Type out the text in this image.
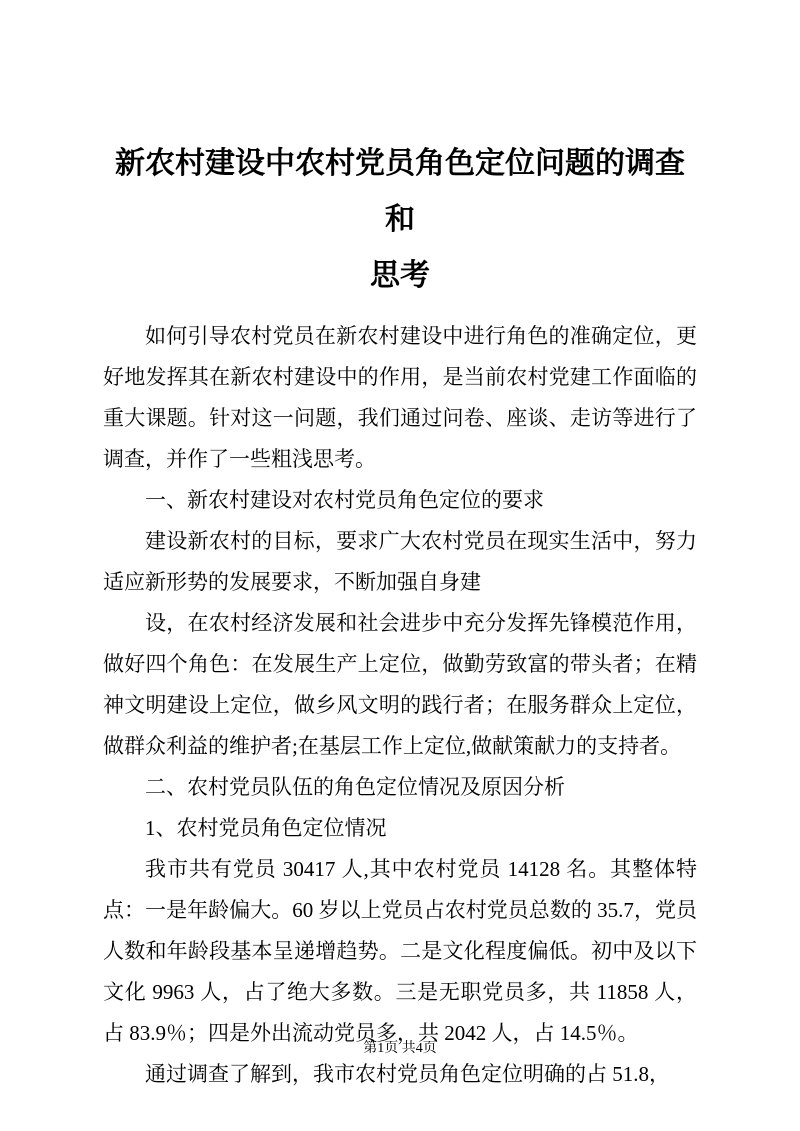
新农村建设中农村党员角色定位问题的调查和
思考

如何引导农村党员在新农村建设中进行角色的准确定位，更好地发挥其在新农村建设中的作用，是当前农村党建工作面临的重大课题。针对这一问题，我们通过问卷、座谈、走访等进行了调查，并作了一些粗浅思考。

一、新农村建设对农村党员角色定位的要求

建设新农村的目标，要求广大农村党员在现实生活中，努力适应新形势的发展要求，不断加强自身建

设，在农村经济发展和社会进步中充分发挥先锋模范作用，做好四个角色：在发展生产上定位，做勤劳致富的带头者；在精神文明建设上定位，做乡风文明的践行者；在服务群众上定位，做群众利益的维护者;在基层工作上定位,做献策献力的支持者。

二、农村党员队伍的角色定位情况及原因分析

1、农村党员角色定位情况

我市共有党员 30417 人,其中农村党员 14128 名。其整体特点：一是年龄偏大。60 岁以上党员占农村党员总数的 35.7，党员人数和年龄段基本呈递增趋势。二是文化程度偏低。初中及以下文化 9963 人，占了绝大多数。三是无职党员多，共 11858 人，占 83.9％；四是外出流动党员多，共 2042 人，占 14.5％。

通过调查了解到，我市农村党员角色定位明确的占 51.8，

第1页 共4页
